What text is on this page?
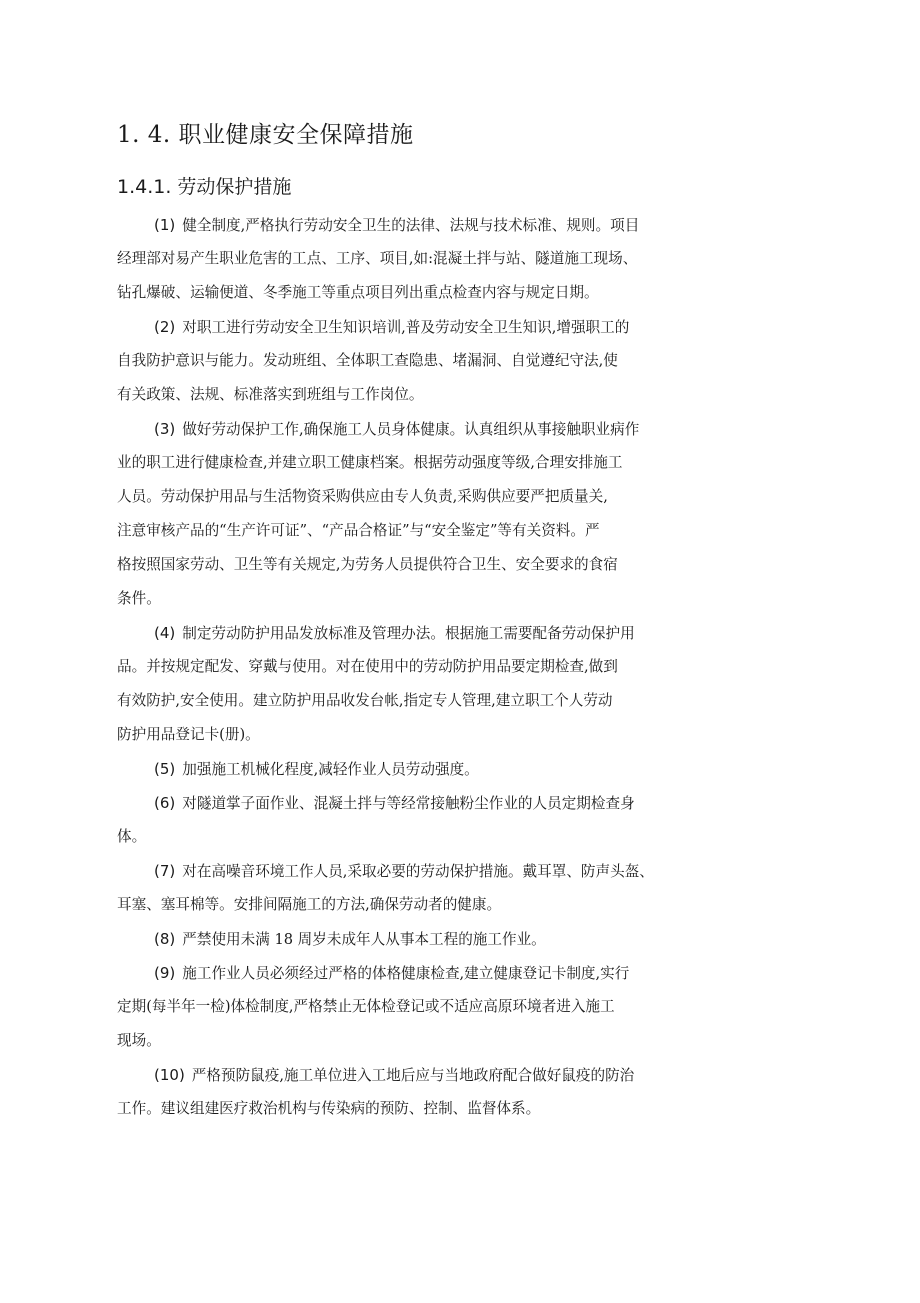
1. 4. 职业健康安全保障措施
1.4.1. 劳动保护措施
(1) 健全制度,严格执行劳动安全卫生的法律、法规与技术标准、规则。项目
经理部对易产生职业危害的工点、工序、项目,如:混凝土拌与站、隧道施工现场、
钻孔爆破、运输便道、冬季施工等重点项目列出重点检查内容与规定日期。
(2) 对职工进行劳动安全卫生知识培训,普及劳动安全卫生知识,增强职工的
自我防护意识与能力。发动班组、全体职工查隐患、堵漏洞、自觉遵纪守法,使
有关政策、法规、标准落实到班组与工作岗位。
(3) 做好劳动保护工作,确保施工人员身体健康。认真组织从事接触职业病作
业的职工进行健康检查,并建立职工健康档案。根据劳动强度等级,合理安排施工
人员。劳动保护用品与生活物资采购供应由专人负责,采购供应要严把质量关,
注意审核产品的“生产许可证”、“产品合格证”与“安全鉴定”等有关资料。严
格按照国家劳动、卫生等有关规定,为劳务人员提供符合卫生、安全要求的食宿
条件。
(4) 制定劳动防护用品发放标准及管理办法。根据施工需要配备劳动保护用
品。并按规定配发、穿戴与使用。对在使用中的劳动防护用品要定期检查,做到
有效防护,安全使用。建立防护用品收发台帐,指定专人管理,建立职工个人劳动
防护用品登记卡(册)。
(5) 加强施工机械化程度,减轻作业人员劳动强度。
(6) 对隧道掌子面作业、混凝土拌与等经常接触粉尘作业的人员定期检查身
体。
(7) 对在高噪音环境工作人员,采取必要的劳动保护措施。戴耳罩、防声头盔、
耳塞、塞耳棉等。安排间隔施工的方法,确保劳动者的健康。
(8) 严禁使用未满 18 周岁未成年人从事本工程的施工作业。
(9) 施工作业人员必须经过严格的体格健康检查,建立健康登记卡制度,实行
定期(每半年一检)体检制度,严格禁止无体检登记或不适应高原环境者进入施工
现场。
(10) 严格预防鼠疫,施工单位进入工地后应与当地政府配合做好鼠疫的防治
工作。建议组建医疗救治机构与传染病的预防、控制、监督体系。
